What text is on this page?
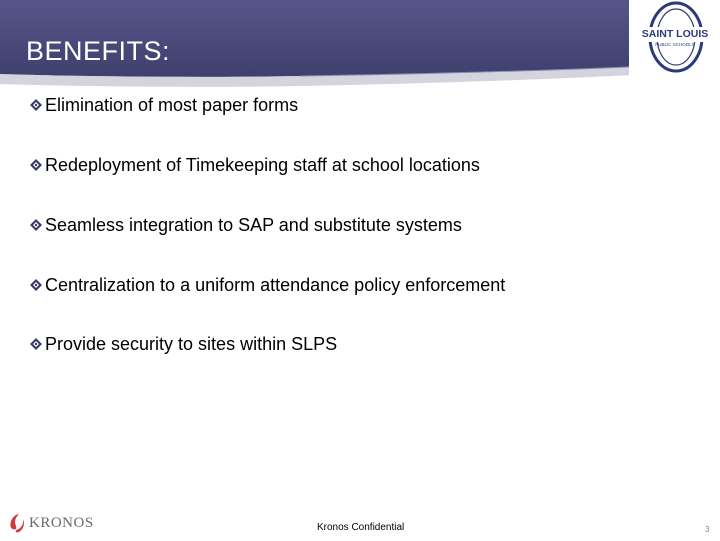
BENEFITS:
SAINT LOUIS
PUBLIC SCHOOLS
Elimination of most paper forms
Redeployment of Timekeeping staff at school locations
Seamless integration to SAP and substitute systems
Centralization to a uniform attendance policy enforcement
Provide security to sites within SLPS
KRONOS	Kronos Confidential	3
